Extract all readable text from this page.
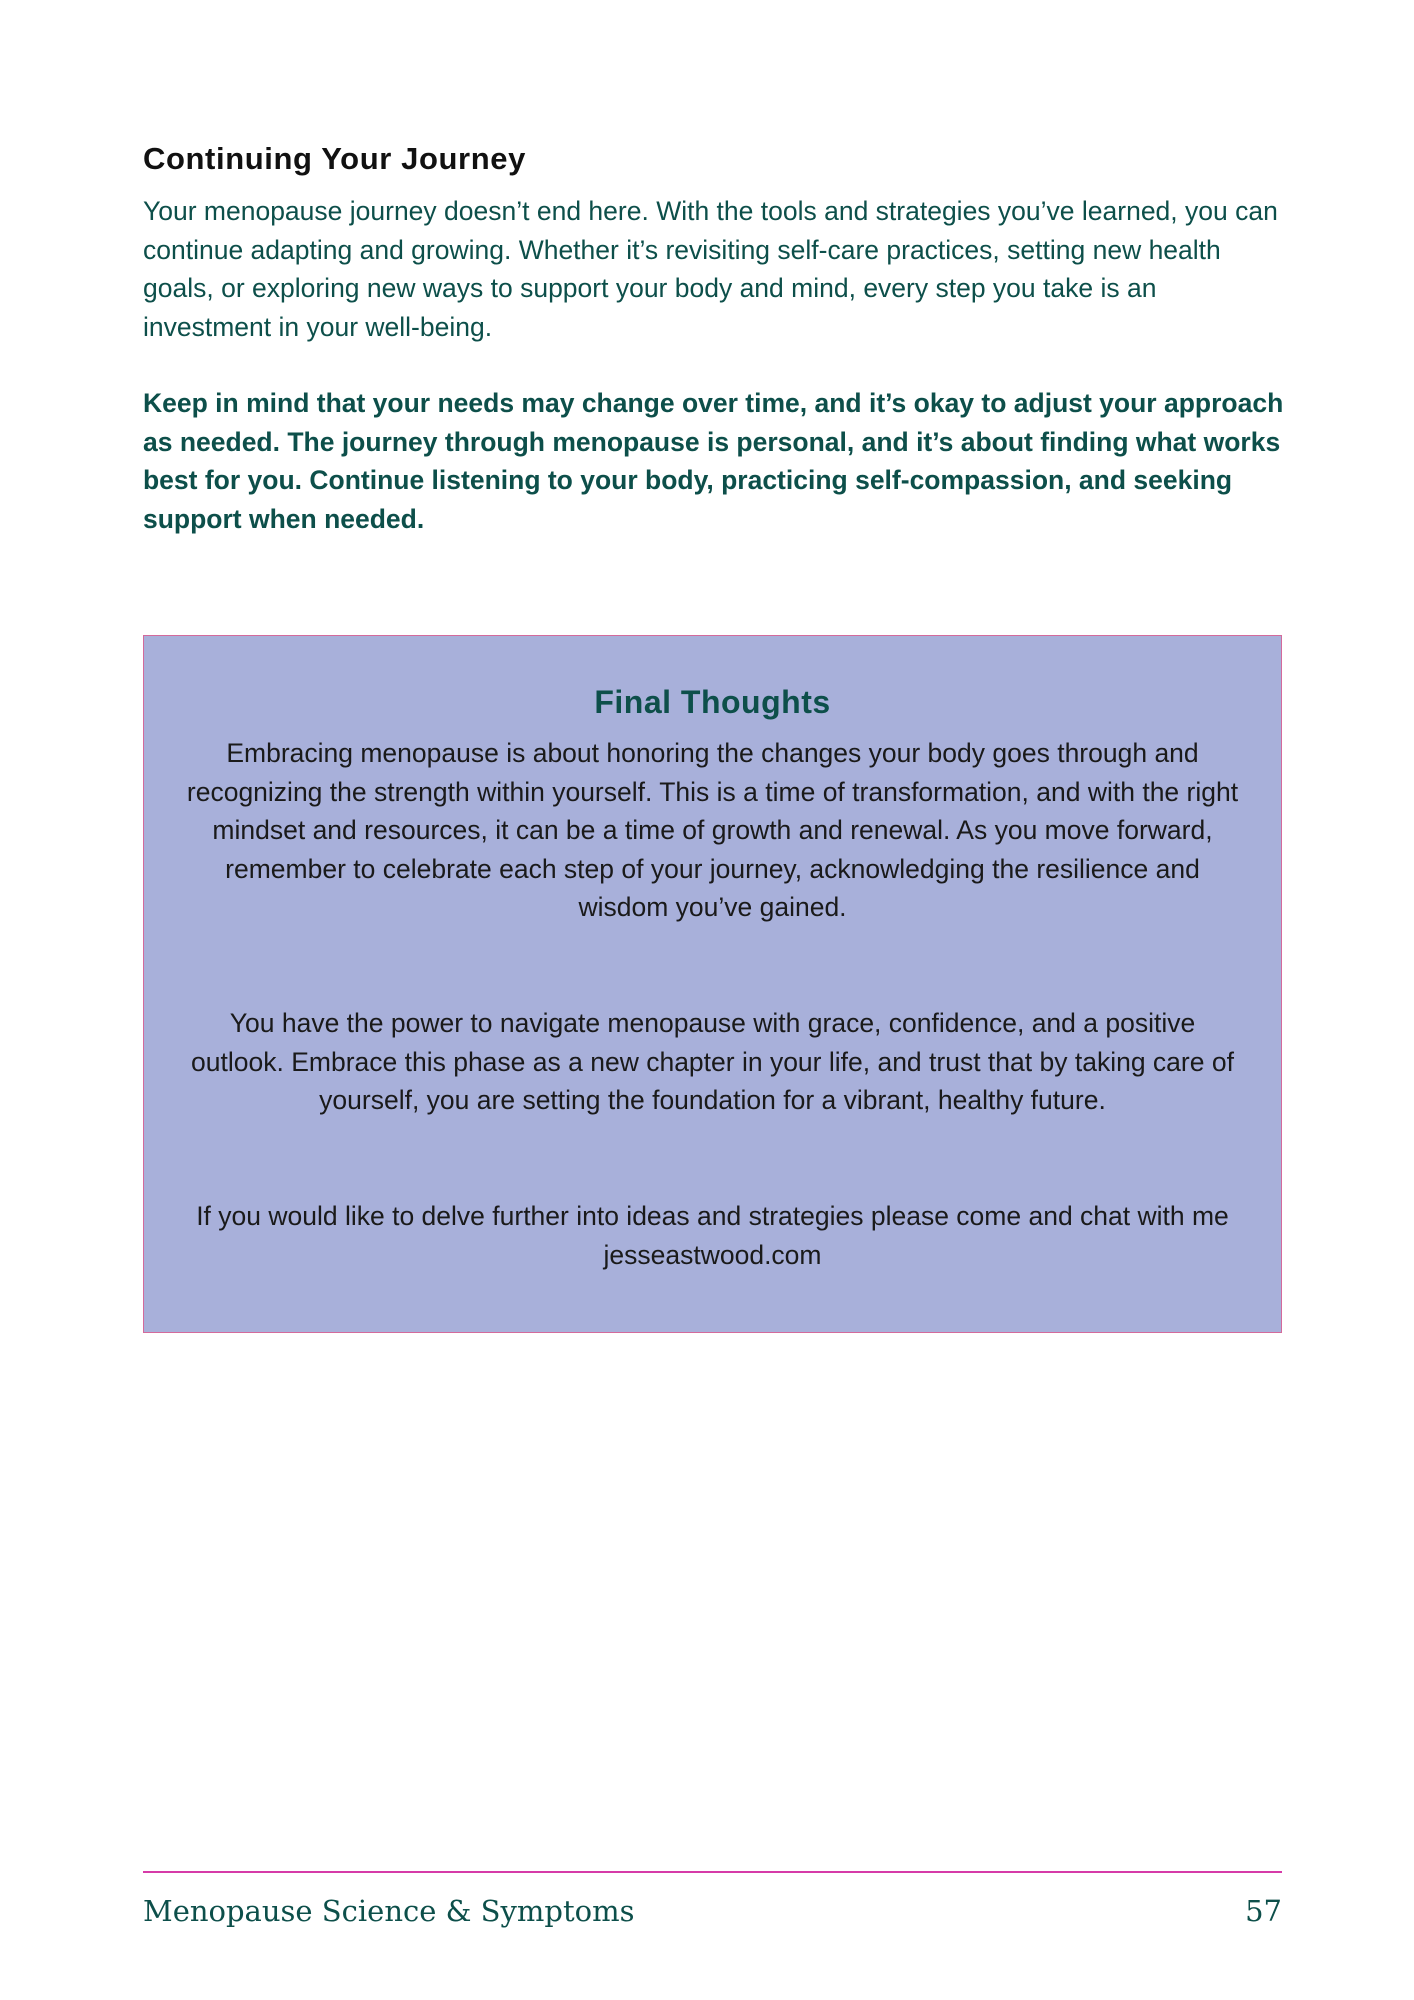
Continuing Your Journey

Your menopause journey doesn’t end here. With the tools and strategies you’ve learned, you can continue adapting and growing. Whether it’s revisiting self-care practices, setting new health goals, or exploring new ways to support your body and mind, every step you take is an investment in your well-being.

Keep in mind that your needs may change over time, and it’s okay to adjust your approach as needed. The journey through menopause is personal, and it’s about finding what works best for you. Continue listening to your body, practicing self-compassion, and seeking support when needed.

Final Thoughts

Embracing menopause is about honoring the changes your body goes through and recognizing the strength within yourself. This is a time of transformation, and with the right mindset and resources, it can be a time of growth and renewal. As you move forward, remember to celebrate each step of your journey, acknowledging the resilience and wisdom you’ve gained.

You have the power to navigate menopause with grace, confidence, and a positive outlook. Embrace this phase as a new chapter in your life, and trust that by taking care of yourself, you are setting the foundation for a vibrant, healthy future.

If you would like to delve further into ideas and strategies please come and chat with me jesseastwood.com

Menopause Science & Symptoms	57
